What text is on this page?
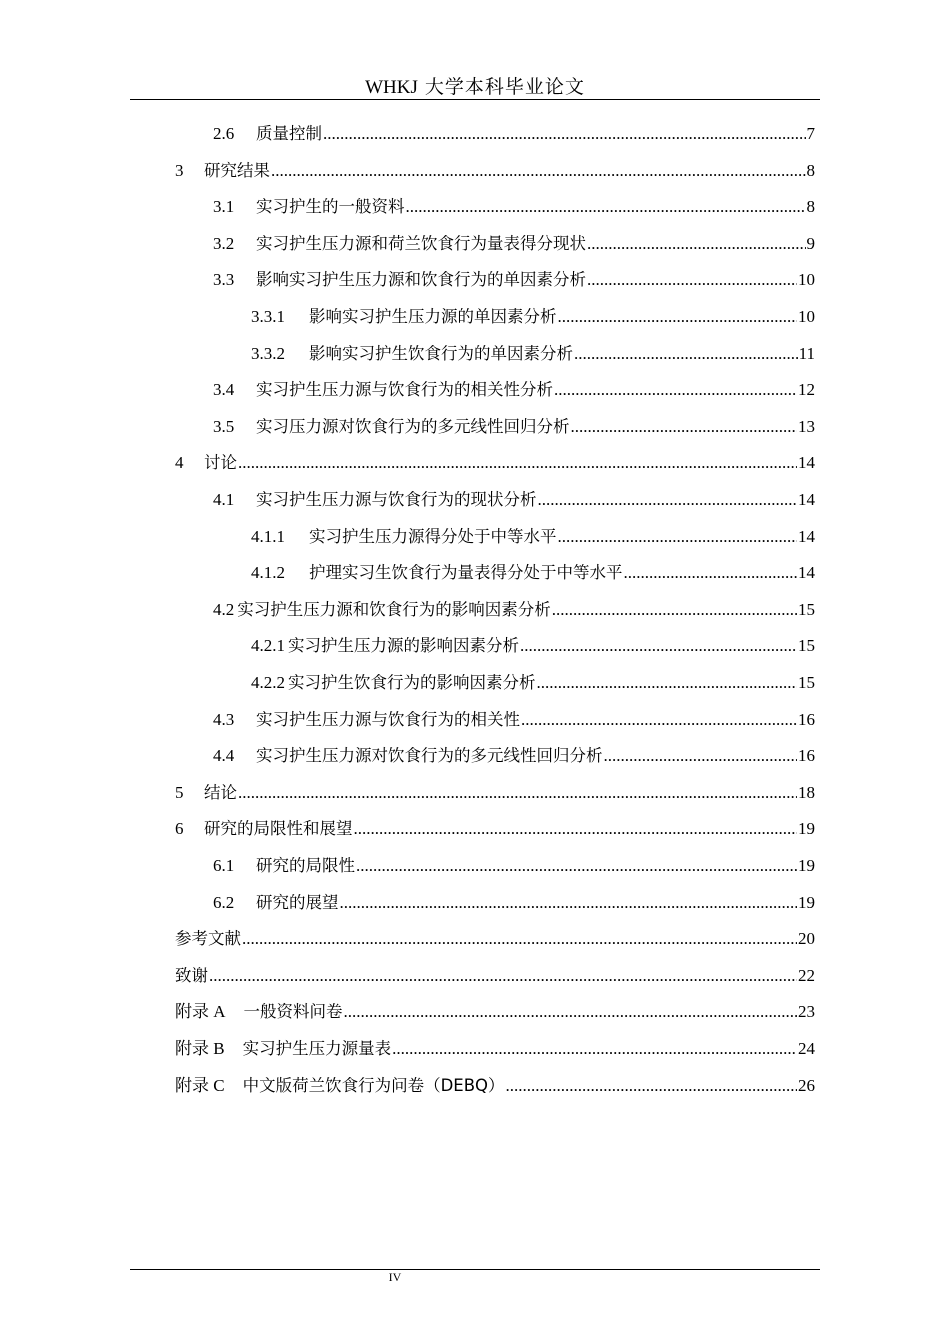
WHKJ 大学本科毕业论文
2.6	质量控制 .....	7
3	研究结果 .....	8
3.1	实习护生的一般资料 .....	8
3.2	实习护生压力源和荷兰饮食行为量表得分现状 .....	9
3.3	影响实习护生压力源和饮食行为的单因素分析 .....	10
3.3.1	影响实习护生压力源的单因素分析 .....	10
3.3.2	影响实习护生饮食行为的单因素分析 .....	11
3.4	实习护生压力源与饮食行为的相关性分析 .....	12
3.5	实习压力源对饮食行为的多元线性回归分析 .....	13
4	讨论 .....	14
4.1	实习护生压力源与饮食行为的现状分析 .....	14
4.1.1	实习护生压力源得分处于中等水平 .....	14
4.1.2	护理实习生饮食行为量表得分处于中等水平 .....	14
4.2 实习护生压力源和饮食行为的影响因素分析 .....	15
4.2.1 实习护生压力源的影响因素分析 .....	15
4.2.2 实习护生饮食行为的影响因素分析 .....	15
4.3	实习护生压力源与饮食行为的相关性 .....	16
4.4	实习护生压力源对饮食行为的多元线性回归分析 .....	16
5	结论 .....	18
6	研究的局限性和展望 .....	19
6.1	研究的局限性 .....	19
6.2	研究的展望 .....	19
参考文献 .....	20
致谢 .....	22
附录 A 一般资料问卷 .....	23
附录 B 实习护生压力源量表 .....	24
附录 C 中文版荷兰饮食行为问卷（DEBQ） .....	26
IV
